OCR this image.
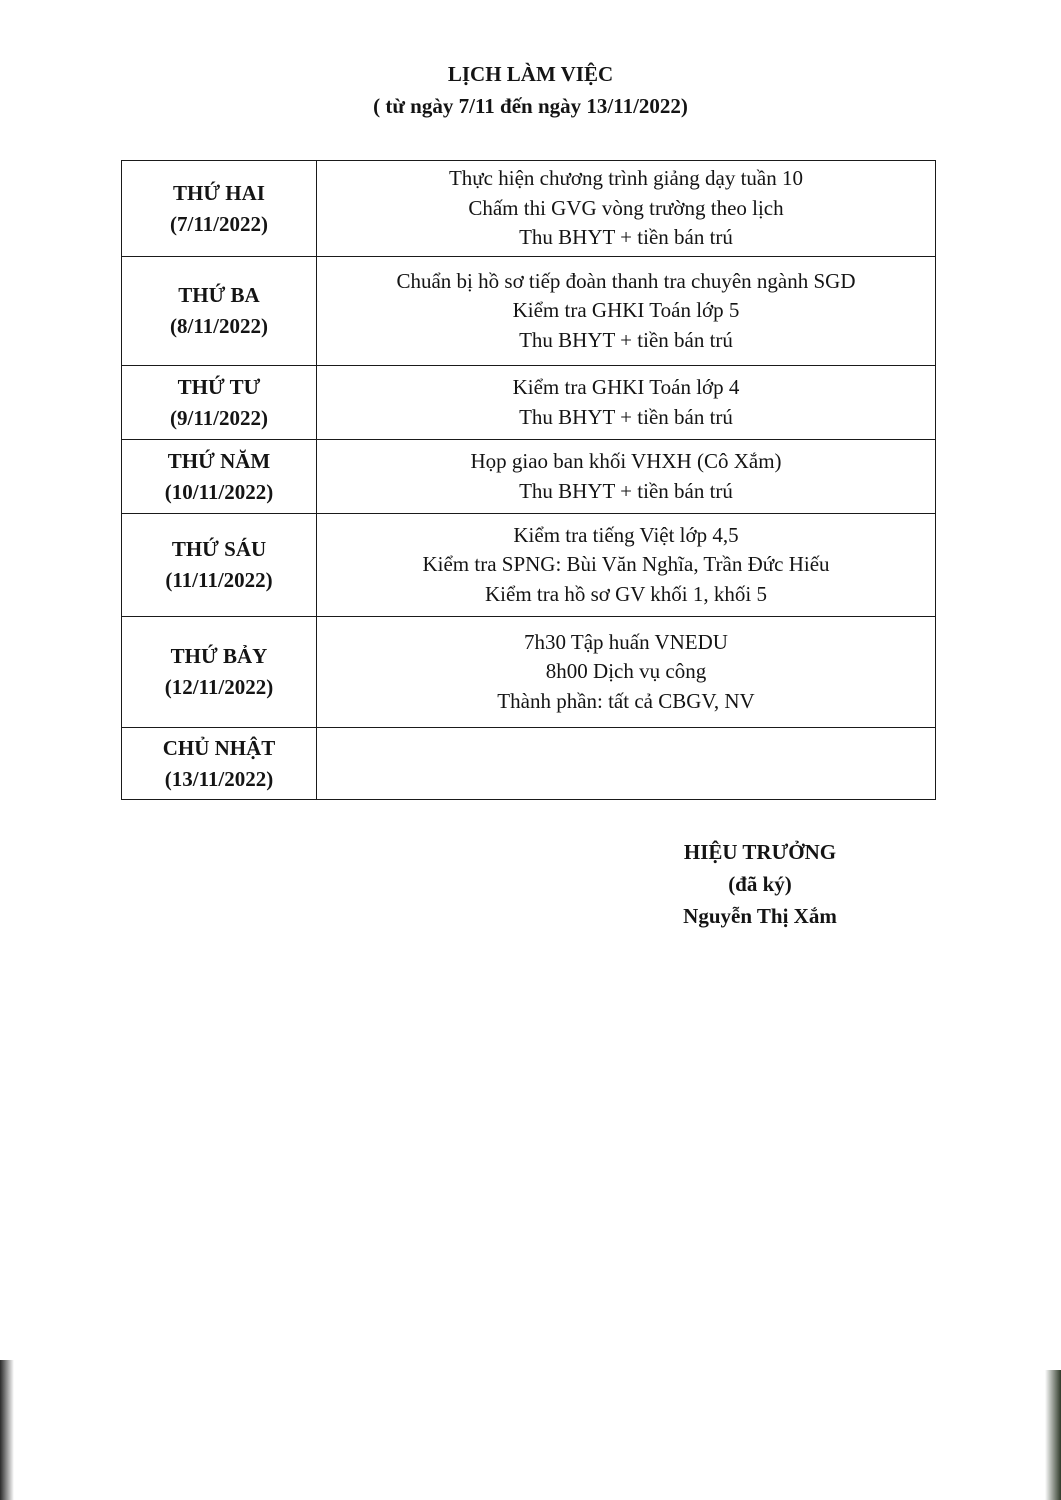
LỊCH LÀM VIỆC
( từ ngày 7/11 đến ngày 13/11/2022)
THỨ HAI
(7/11/2022)	Thực hiện chương trình giảng dạy tuần 10
Chấm thi GVG vòng trường theo lịch
Thu BHYT + tiền bán trú

THỨ BA
(8/11/2022)	Chuẩn bị hồ sơ tiếp đoàn thanh tra chuyên ngành SGD
Kiểm tra GHKI Toán lớp 5
Thu BHYT + tiền bán trú

THỨ TƯ
(9/11/2022)	Kiểm tra GHKI Toán lớp 4
Thu BHYT + tiền bán trú

THỨ NĂM
(10/11/2022)	Họp giao ban khối VHXH (Cô Xắm)
Thu BHYT + tiền bán trú

THỨ SÁU
(11/11/2022)	Kiểm tra tiếng Việt lớp 4,5
Kiểm tra SPNG: Bùi Văn Nghĩa, Trần Đức Hiếu
Kiểm tra hồ sơ GV khối 1, khối 5

THỨ BẢY
(12/11/2022)	7h30 Tập huấn VNEDU
8h00 Dịch vụ công
Thành phần: tất cả CBGV, NV

CHỦ NHẬT
(13/11/2022)	

HIỆU TRƯỞNG
(đã ký)
Nguyễn Thị Xắm
